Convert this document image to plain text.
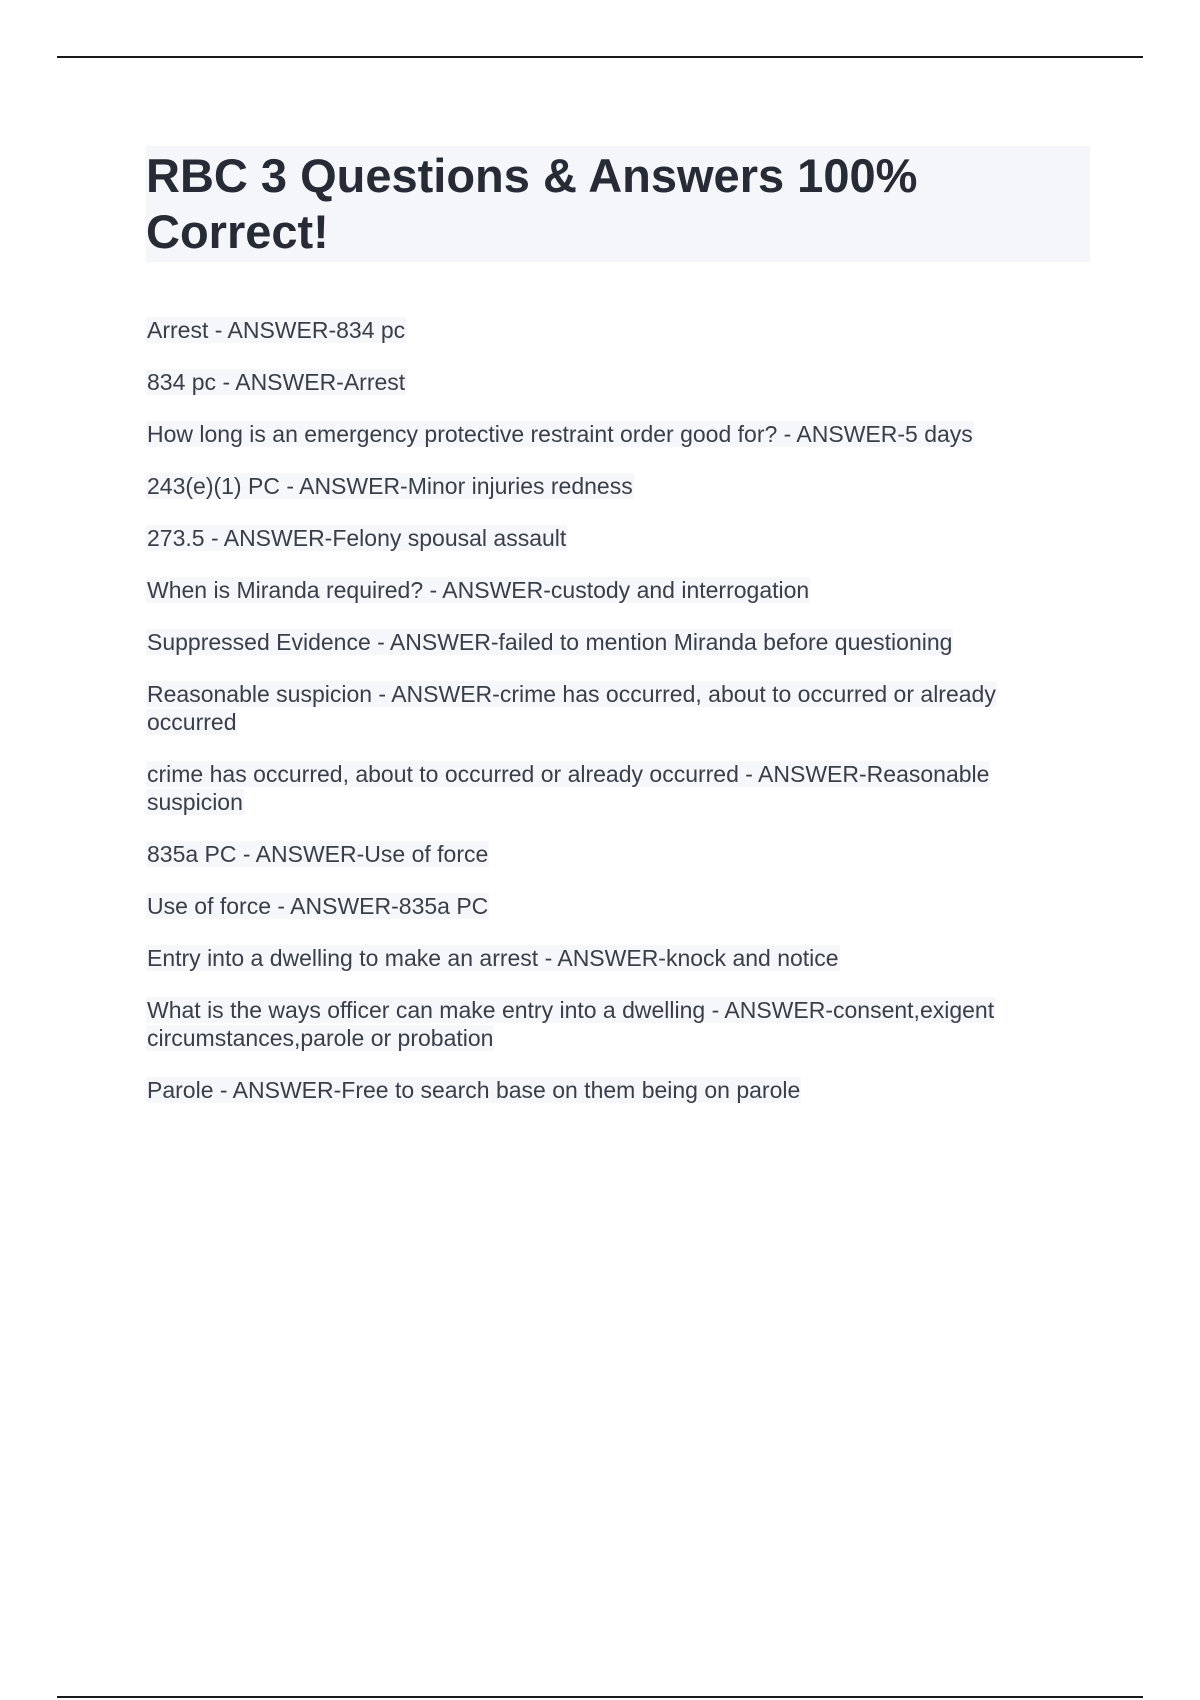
RBC 3 Questions & Answers 100%
Correct!

Arrest - ANSWER-834 pc

834 pc - ANSWER-Arrest

How long is an emergency protective restraint order good for? - ANSWER-5 days

243(e)(1) PC - ANSWER-Minor injuries redness

273.5 - ANSWER-Felony spousal assault

When is Miranda required? - ANSWER-custody and interrogation

Suppressed Evidence - ANSWER-failed to mention Miranda before questioning

Reasonable suspicion - ANSWER-crime has occurred, about to occurred or already occurred

crime has occurred, about to occurred or already occurred - ANSWER-Reasonable suspicion

835a PC - ANSWER-Use of force

Use of force - ANSWER-835a PC

Entry into a dwelling to make an arrest - ANSWER-knock and notice

What is the ways officer can make entry into a dwelling - ANSWER-consent,exigent circumstances,parole or probation

Parole - ANSWER-Free to search base on them being on parole
